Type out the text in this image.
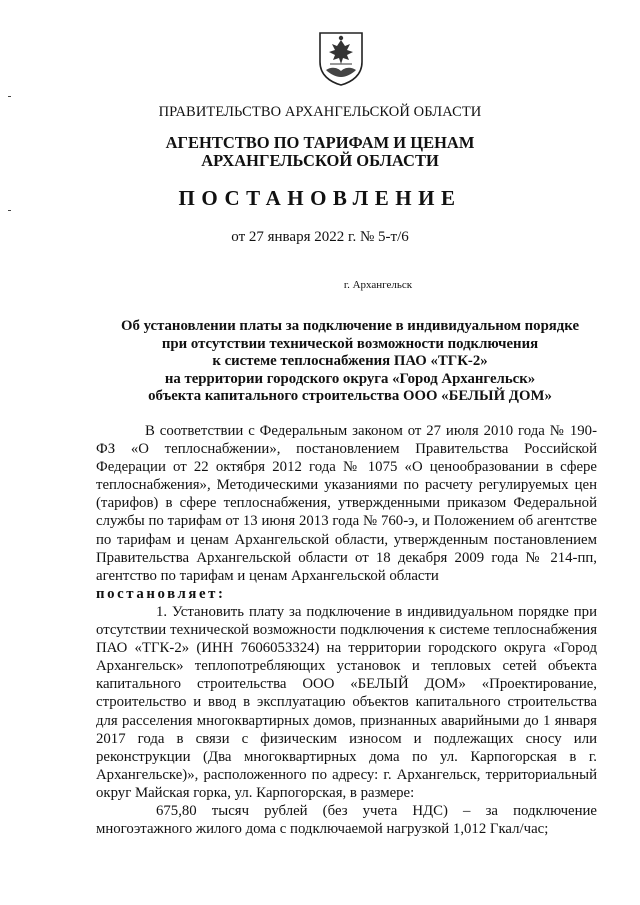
ПРАВИТЕЛЬСТВО АРХАНГЕЛЬСКОЙ ОБЛАСТИ
АГЕНТСТВО ПО ТАРИФАМ И ЦЕНАМ
АРХАНГЕЛЬСКОЙ ОБЛАСТИ
ПОСТАНОВЛЕНИЕ
от 27 января 2022 г. № 5-т/6
г. Архангельск
Об установлении платы за подключение в индивидуальном порядке
при отсутствии технической возможности подключения
к системе теплоснабжения ПАО «ТГК-2»
на территории городского округа «Город Архангельск»
объекта капитального строительства ООО «БЕЛЫЙ ДОМ»

В соответствии с Федеральным законом от 27 июля 2010 года № 190-ФЗ «О теплоснабжении», постановлением Правительства Российской Федерации от 22 октября 2012 года № 1075 «О ценообразовании в сфере теплоснабжения», Методическими указаниями по расчету регулируемых цен (тарифов) в сфере теплоснабжения, утвержденными приказом Федеральной службы по тарифам от 13 июня 2013 года № 760-э, и Положением об агентстве по тарифам и ценам Архангельской области, утвержденным постановлением Правительства Архангельской области от 18 декабря 2009 года № 214-пп, агентство по тарифам и ценам Архангельской области

постановляет:

1. Установить плату за подключение в индивидуальном порядке при отсутствии технической возможности подключения к системе теплоснабжения ПАО «ТГК-2» (ИНН 7606053324) на территории городского округа «Город Архангельск» теплопотребляющих установок и тепловых сетей объекта капитального строительства ООО «БЕЛЫЙ ДОМ» «Проектирование, строительство и ввод в эксплуатацию объектов капитального строительства для расселения многоквартирных домов, признанных аварийными до 1 января 2017 года в связи с физическим износом и подлежащих сносу или реконструкции (Два многоквартирных дома по ул. Карпогорская в г. Архангельске)», расположенного по адресу: г. Архангельск, территориальный округ Майская горка, ул. Карпогорская, в размере:

675,80 тысяч рублей (без учета НДС) – за подключение многоэтажного жилого дома с подключаемой нагрузкой 1,012 Гкал/час;
